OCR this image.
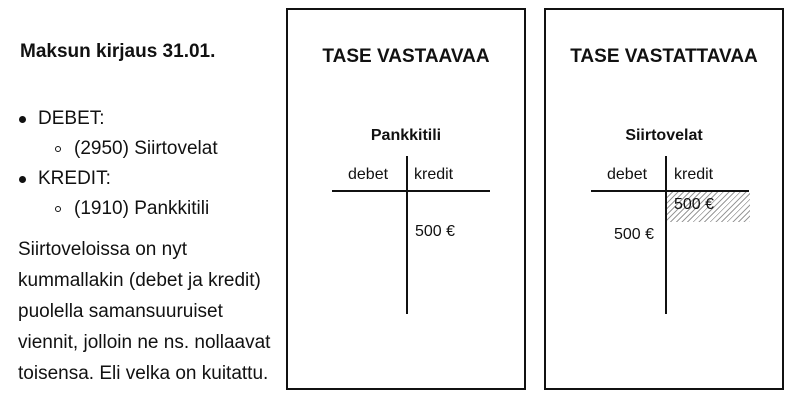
Maksun kirjaus 31.01.
DEBET:
(2950) Siirtovelat
KREDIT:
(1910) Pankkitili
Siirtoveloissa on nyt
kummallakin (debet ja kredit)
puolella samansuuruiset
viennit, jolloin ne ns. nollaavat
toisensa. Eli velka on kuitattu.
TASE VASTAAVAA
Pankkitili
debet kredit
500 €
TASE VASTATTAVAA
Siirtovelat
debet kredit
500 €
500 €
